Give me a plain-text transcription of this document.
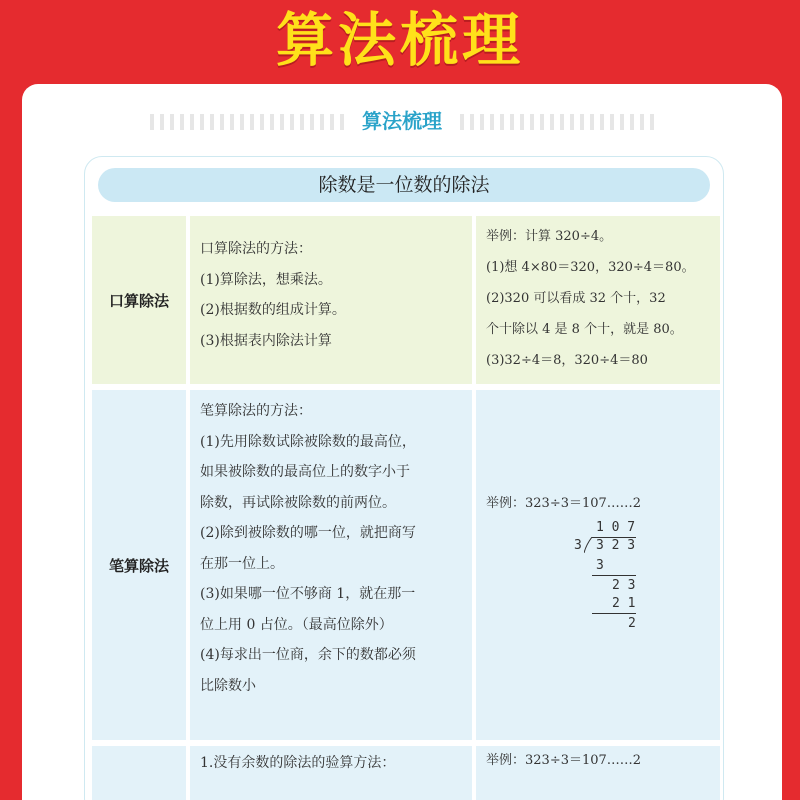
算法梳理
算法梳理
除数是一位数的除法
口算除法

口算除法的方法：

(1)算除法，想乘法。

(2)根据数的组成计算。

(3)根据表内除法计算

举例：计算 320÷4。

(1)想 4×80＝320，320÷4＝80。

(2)320 可以看成 32 个十，32

个十除以 4 是 8 个十，就是 80。

(3)32÷4＝8，320÷4＝80

笔算除法

笔算除法的方法：

(1)先用除数试除被除数的最高位，

如果被除数的最高位上的数字小于

除数，再试除被除数的前两位。

(2)除到被除数的哪一位，就把商写

在那一位上。

(3)如果哪一位不够商 1，就在那一

位上用 0 占位。（最高位除外）

(4)每求出一位商，余下的数都必须

比除数小

举例：323÷3＝107……2
1 0 7
3 3 2 3
3
2 3
2 1
2

1.没有余数的除法的验算方法：	举例：323÷3＝107……2
